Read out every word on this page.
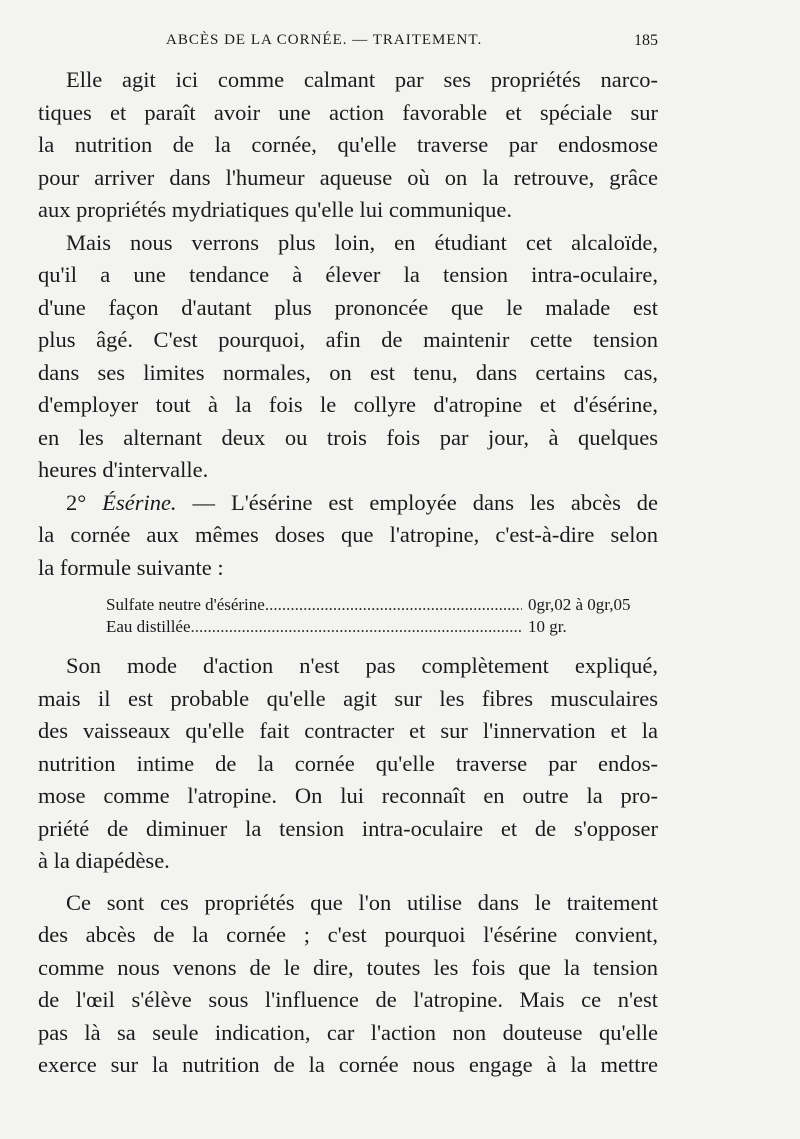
ABCÈS DE LA CORNÉE. — TRAITEMENT.	185

Elle agit ici comme calmant par ses propriétés narco-
tiques et paraît avoir une action favorable et spéciale sur
la nutrition de la cornée, qu'elle traverse par endosmose
pour arriver dans l'humeur aqueuse où on la retrouve, grâce
aux propriétés mydriatiques qu'elle lui communique.

Mais nous verrons plus loin, en étudiant cet alcaloïde,
qu'il a une tendance à élever la tension intra-oculaire,
d'une façon d'autant plus prononcée que le malade est
plus âgé. C'est pourquoi, afin de maintenir cette tension
dans ses limites normales, on est tenu, dans certains cas,
d'employer tout à la fois le collyre d'atropine et d'ésérine,
en les alternant deux ou trois fois par jour, à quelques
heures d'intervalle.

2° Ésérine. — L'ésérine est employée dans les abcès de
la cornée aux mêmes doses que l'atropine, c'est-à-dire selon
la formule suivante :

Sulfate neutre d'ésérine .....	0gr,02 à 0gr,05
Eau distillée .....	10 gr.

Son mode d'action n'est pas complètement expliqué,
mais il est probable qu'elle agit sur les fibres musculaires
des vaisseaux qu'elle fait contracter et sur l'innervation et la
nutrition intime de la cornée qu'elle traverse par endos-
mose comme l'atropine. On lui reconnaît en outre la pro-
priété de diminuer la tension intra-oculaire et de s'opposer
à la diapédèse.

Ce sont ces propriétés que l'on utilise dans le traitement
des abcès de la cornée ; c'est pourquoi l'ésérine convient,
comme nous venons de le dire, toutes les fois que la tension
de l'œil s'élève sous l'influence de l'atropine. Mais ce n'est
pas là sa seule indication, car l'action non douteuse qu'elle
exerce sur la nutrition de la cornée nous engage à la mettre
